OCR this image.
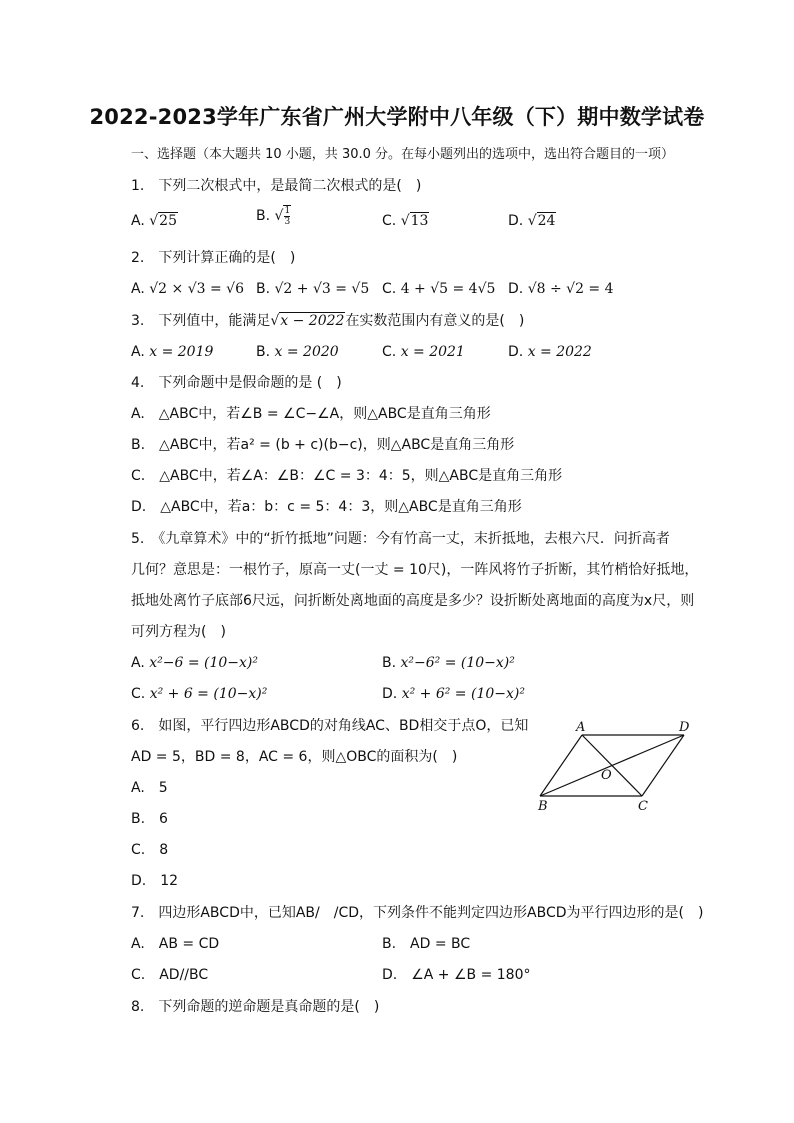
2022-2023学年广东省广州大学附中八年级（下）期中数学试卷
一、选择题（本大题共 10 小题，共 30.0 分。在每小题列出的选项中，选出符合题目的一项）
1.　下列二次根式中，是最简二次根式的是(　)
A. √25	B. √ $\frac{1}{3}$	C. √13	D. √24
2.　下列计算正确的是(　)
A. √2 × √3 = √6 B. √2 + √3 = √5 C. 4 + √5 = 4√5 D. √8 ÷ √2 = 4
3.　下列值中，能满足√x − 2022在实数范围内有意义的是(　)
A. x = 2019	B. x = 2020	C. x = 2021	D. x = 2022
4.　下列命题中是假命题的是 (　)
A.　△ABC中，若∠B = ∠C−∠A，则△ABC是直角三角形
B.　△ABC中，若a² = (b + c)(b−c)，则△ABC是直角三角形
C.　△ABC中，若∠A：∠B：∠C = 3：4：5，则△ABC是直角三角形
D.　△ABC中，若a：b：c = 5：4：3，则△ABC是直角三角形
5.　《九章算术》中的“折竹抵地”问题：今有竹高一丈，末折抵地，去根六尺．问折高者
几何？意思是：一根竹子，原高一丈(一丈 = 10尺)，一阵风将竹子折断，其竹梢恰好抵地，
抵地处离竹子底部6尺远，问折断处离地面的高度是多少？设折断处离地面的高度为x尺，则
可列方程为(　)
A. x²−6 = (10−x)²	B. x²−6² = (10−x)²
C. x² + 6 = (10−x)²	D. x² + 6² = (10−x)²
6.　如图，平行四边形ABCD的对角线AC、BD相交于点O，已知
AD = 5，BD = 8，AC = 6，则△OBC的面积为(　)
A.　5
B.　6
C.　8
D.　12
A	D
B	C
O
7.　四边形ABCD中，已知AB/　/CD，下列条件不能判定四边形ABCD为平行四边形的是(　)
A.　AB = CD	B.　AD = BC
C.　AD//BC	D.　∠A + ∠B = 180°
8.　下列命题的逆命题是真命题的是(　)
